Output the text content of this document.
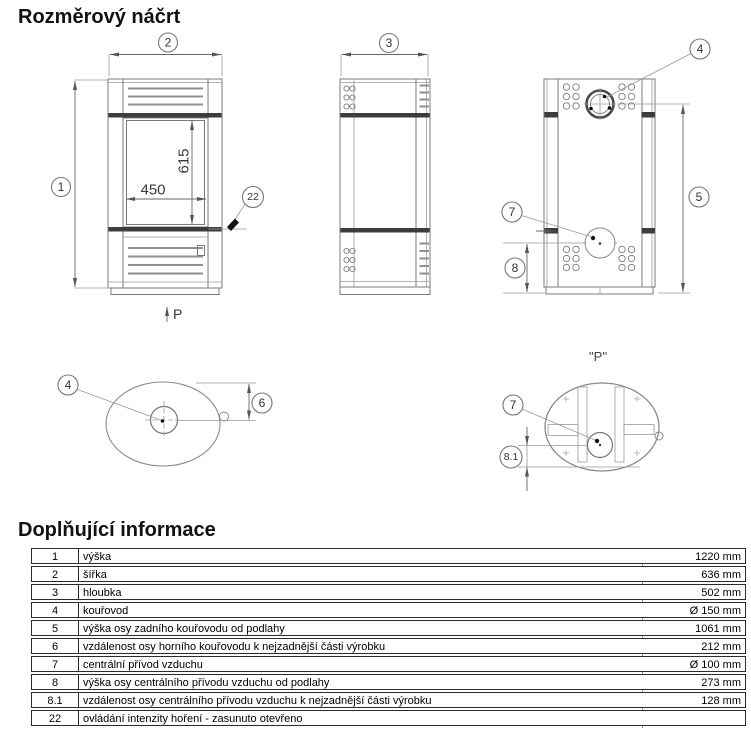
Rozměrový náčrt
1
2
615
450	22
P
3	4
5
7
8
4
6
''P''
7
8.1
Doplňující informace
1	výška	1220 mm
2	šířka	636 mm
3	hloubka	502 mm
4	kouřovod	Ø 150 mm
5	výška osy zadního kouřovodu od podlahy	1061 mm
6	vzdálenost osy horního kouřovodu k nejzadnější části výrobku	212 mm
7	centrální přívod vzduchu	Ø 100 mm
8	výška osy centrálního přívodu vzduchu od podlahy	273 mm
8.1	vzdálenost osy centrálního přívodu vzduchu k nejzadnější části výrobku	128 mm
22	ovládání intenzity hoření - zasunuto otevřeno
